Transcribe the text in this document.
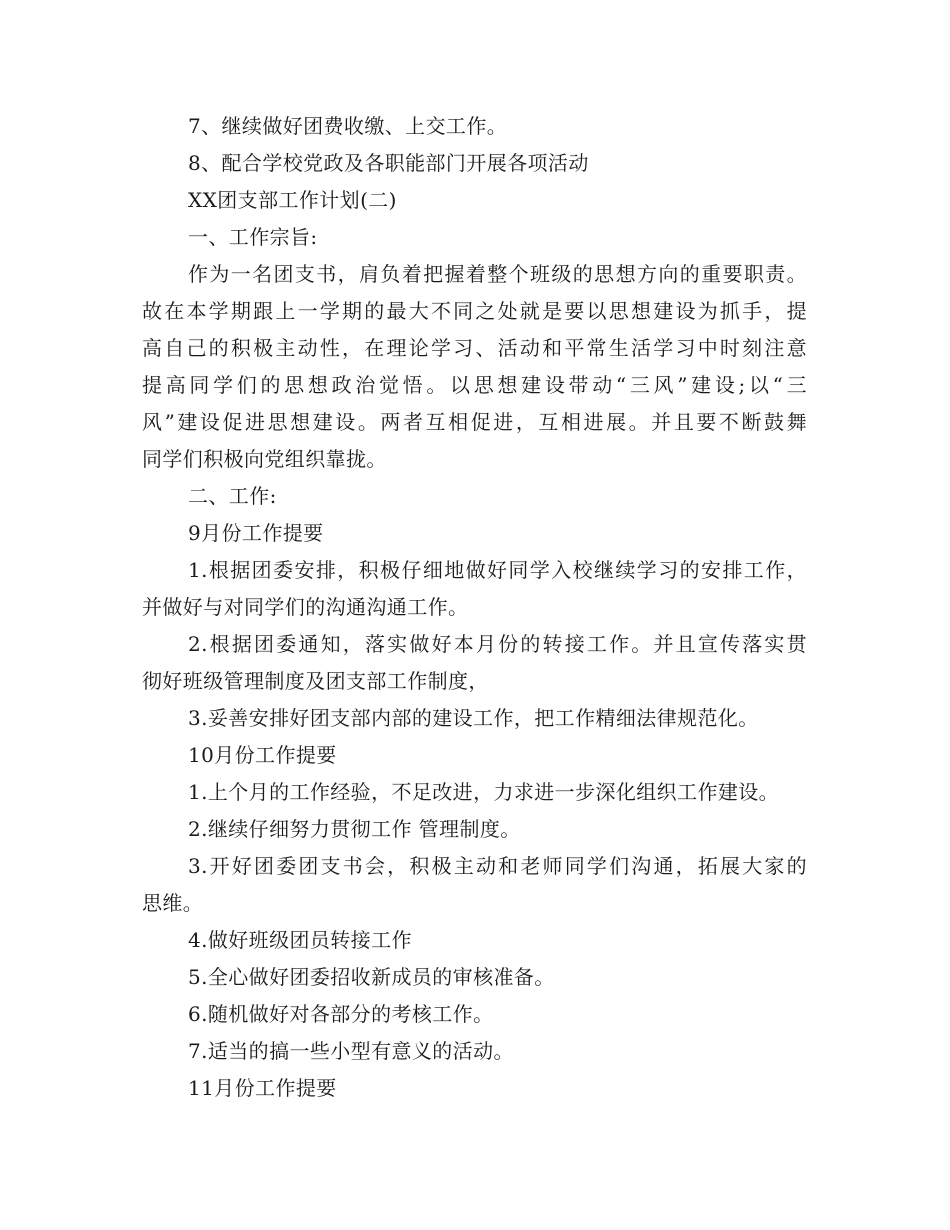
7、继续做好团费收缴、上交工作。
8、配合学校党政及各职能部门开展各项活动
XX团支部工作计划(二)
一、工作宗旨:
作为一名团支书，肩负着把握着整个班级的思想方向的重要职责。
故在本学期跟上一学期的最大不同之处就是要以思想建设为抓手，提
高自己的积极主动性，在理论学习、活动和平常生活学习中时刻注意
提高同学们的思想政治觉悟。以思想建设带动“三风”建设;以“三
风”建设促进思想建设。两者互相促进，互相进展。并且要不断鼓舞
同学们积极向党组织靠拢。
二、工作:
9月份工作提要
1.根据团委安排，积极仔细地做好同学入校继续学习的安排工作，
并做好与对同学们的沟通沟通工作。
2.根据团委通知，落实做好本月份的转接工作。并且宣传落实贯
彻好班级管理制度及团支部工作制度，
3.妥善安排好团支部内部的建设工作，把工作精细法律规范化。
10月份工作提要
1.上个月的工作经验，不足改进，力求进一步深化组织工作建设。
2.继续仔细努力贯彻工作 管理制度。
3.开好团委团支书会，积极主动和老师同学们沟通，拓展大家的
思维。
4.做好班级团员转接工作
5.全心做好团委招收新成员的审核准备。
6.随机做好对各部分的考核工作。
7.适当的搞一些小型有意义的活动。
11月份工作提要
